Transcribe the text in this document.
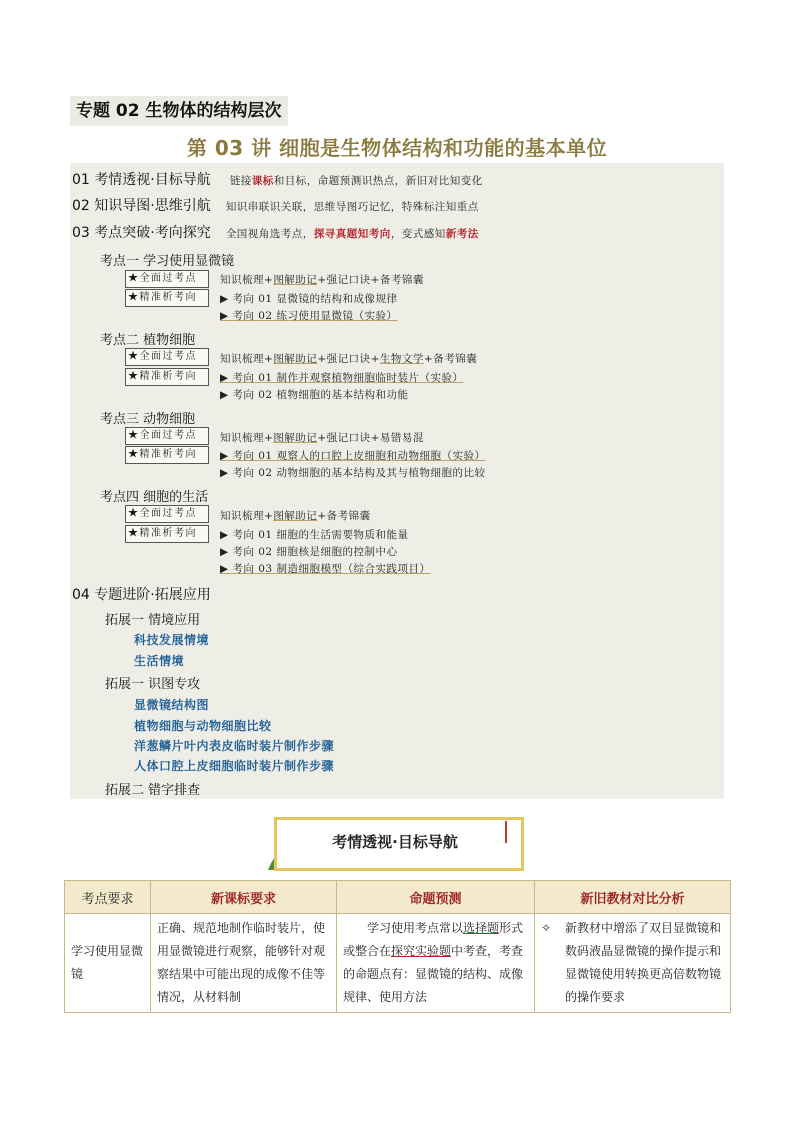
专题 02 生物体的结构层次
第 03 讲 细胞是生物体结构和功能的基本单位
01 考情透视·目标导航 链接课标和目标，命题预测识热点，新旧对比知变化
02 知识导图·思维引航 知识串联识关联，思维导图巧记忆，特殊标注知重点
03 考点突破·考向探究 全国视角选考点，探寻真题知考向，变式感知新考法
考点一 学习使用显微镜
★全面过考点
★精准析考向
知识梳理+图解助记+强记口诀+备考锦囊
▶ 考向 01 显微镜的结构和成像规律
▶ 考向 02 练习使用显微镜（实验）
考点二 植物细胞
★全面过考点
★精准析考向
知识梳理+图解助记+强记口诀+生物文学+备考锦囊
▶ 考向 01 制作并观察植物细胞临时装片（实验）
▶ 考向 02 植物细胞的基本结构和功能
考点三 动物细胞
★全面过考点
★精准析考向
知识梳理+图解助记+强记口诀+易错易混
▶ 考向 01 观察人的口腔上皮细胞和动物细胞（实验）
▶ 考向 02 动物细胞的基本结构及其与植物细胞的比较
考点四 细胞的生活
★全面过考点
★精准析考向
知识梳理+图解助记+备考锦囊
▶ 考向 01 细胞的生活需要物质和能量
▶ 考向 02 细胞核是细胞的控制中心
▶ 考向 03 制造细胞模型（综合实践项目）
04 专题进阶·拓展应用
拓展一 情境应用
科技发展情境
生活情境
拓展一 识图专攻
显微镜结构图
植物细胞与动物细胞比较
洋葱鳞片叶内表皮临时装片制作步骤
人体口腔上皮细胞临时装片制作步骤
拓展二 错字排查
考情透视·目标导航
考点要求	新课标要求	命题预测	新旧教材对比分析
学习使用显微镜	正确、规范地制作临时装片，使用显微镜进行观察，能够针对观察结果中可能出现的成像不佳等情况，从材料制	学习使用考点常以选择题形式或整合在探究实验题中考查，考查的命题点有：显微镜的结构、成像规律、使用方法	✧ 新教材中增添了双目显微镜和数码液晶显微镜的操作提示和显微镜使用转换更高倍数物镜的操作要求
